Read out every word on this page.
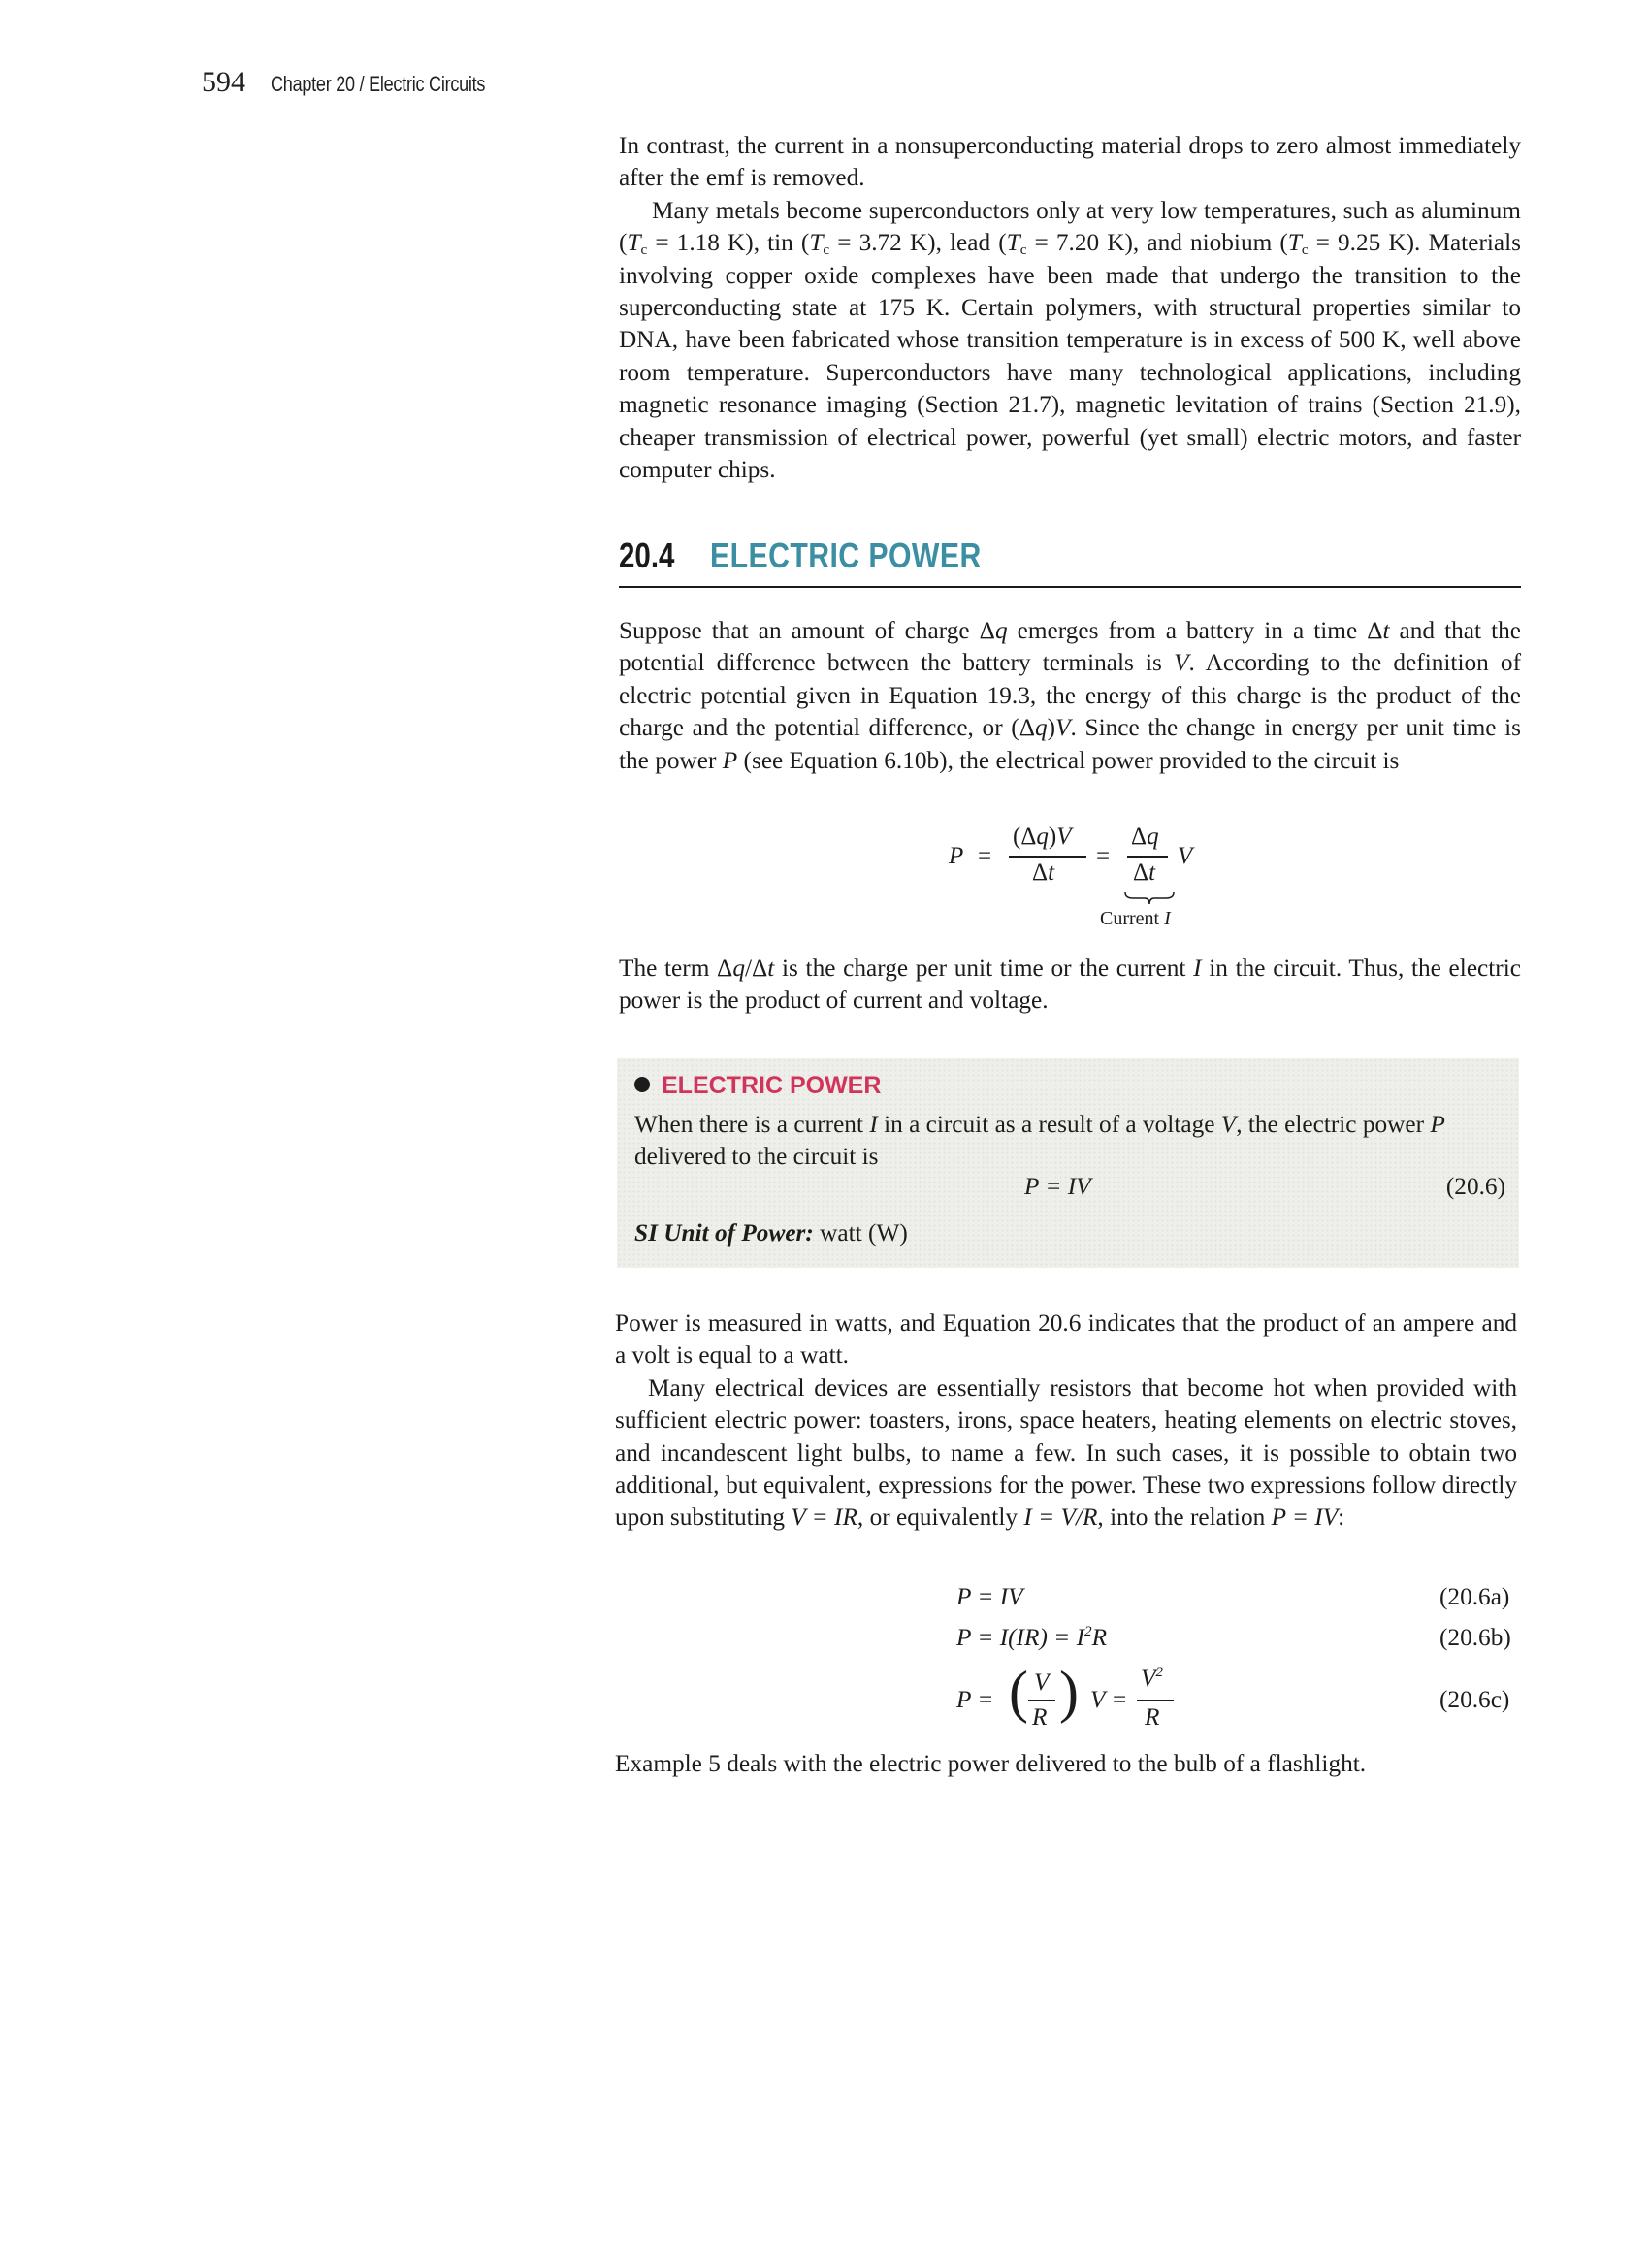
594 Chapter 20 / Electric Circuits

In contrast, the current in a nonsuperconducting material drops to zero almost immediately after the emf is removed.

Many metals become superconductors only at very low temperatures, such as aluminum ($T_c = 1.18$ K), tin ($T_c = 3.72$ K), lead ($T_c = 7.20$ K), and niobium ($T_c = 9.25$ K). Materials involving copper oxide complexes have been made that undergo the transition to the superconducting state at 175 K. Certain polymers, with structural properties similar to DNA, have been fabricated whose transition temperature is in excess of 500 K, well above room temperature. Superconductors have many technological applications, including magnetic resonance imaging (Section 21.7), magnetic levitation of trains (Section 21.9), cheaper transmission of electrical power, powerful (yet small) electric motors, and faster computer chips.

20.4 ELECTRIC POWER

Suppose that an amount of charge Δq emerges from a battery in a time Δt and that the potential difference between the battery terminals is V. According to the definition of electric potential given in Equation 19.3, the energy of this charge is the product of the charge and the potential difference, or (Δq)V. Since the change in energy per unit time is the power P (see Equation 6.10b), the electrical power provided to the circuit is

P =
(Δq)V
Δt
=
Δq
Δt
V
Current I

The term Δq/Δt is the charge per unit time or the current I in the circuit. Thus, the electric power is the product of current and voltage.

ELECTRIC POWER
When there is a current I in a circuit as a result of a voltage V, the electric power P delivered to the circuit is
P = IV	(20.6)
SI Unit of Power: watt (W)

Power is measured in watts, and Equation 20.6 indicates that the product of an ampere and a volt is equal to a watt.

Many electrical devices are essentially resistors that become hot when provided with sufficient electric power: toasters, irons, space heaters, heating elements on electric stoves, and incandescent light bulbs, to name a few. In such cases, it is possible to obtain two additional, but equivalent, expressions for the power. These two expressions follow directly upon substituting V = IR, or equivalently I = V/R, into the relation P = IV:

P = IV	(20.6a)
$P = I(IR) = I^2R$	(20.6b)
P = ( V
R ) V =
$V^2$
R
(20.6c)

Example 5 deals with the electric power delivered to the bulb of a flashlight.
